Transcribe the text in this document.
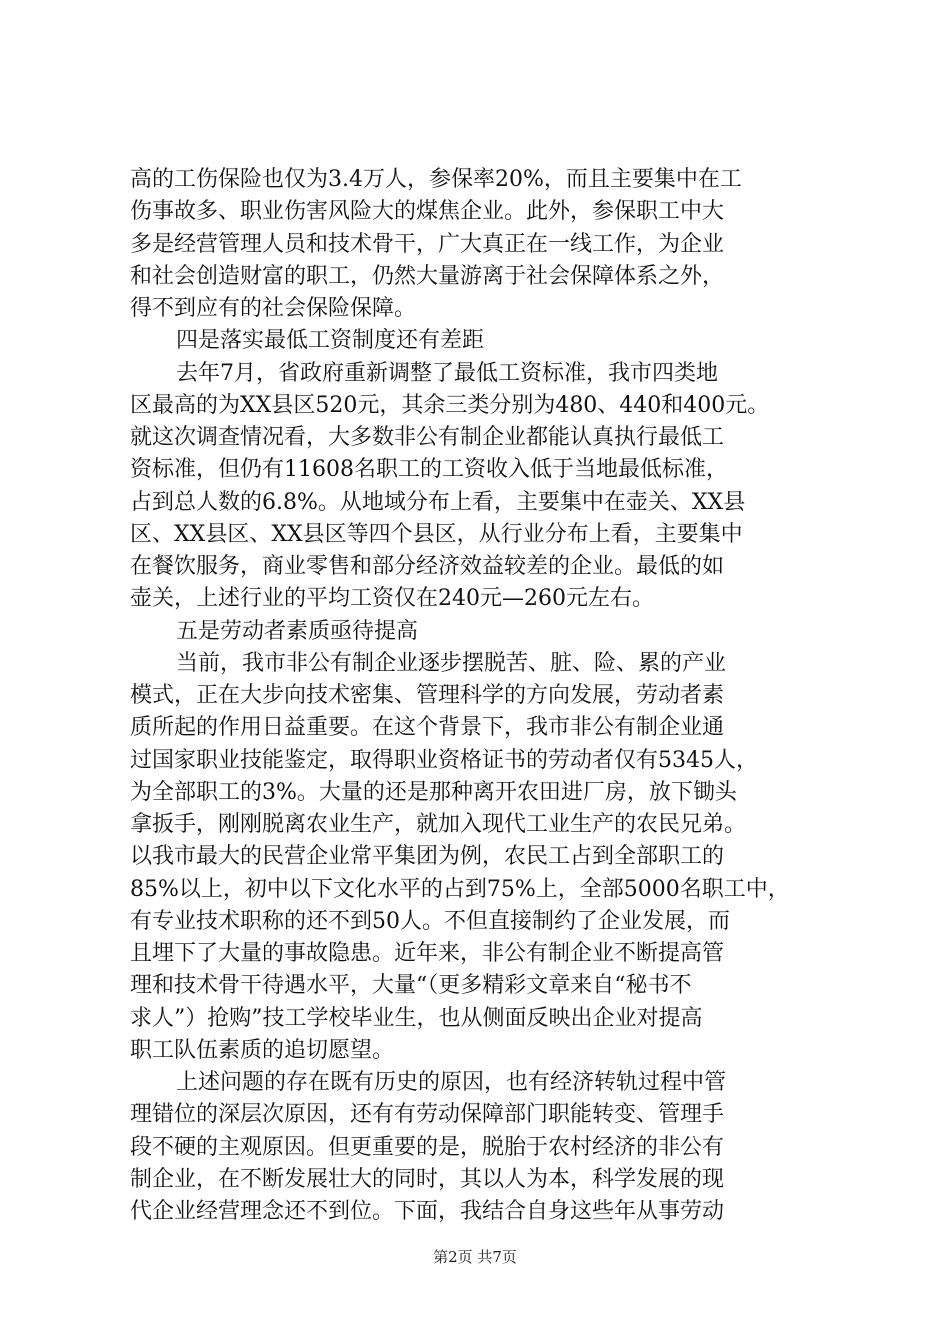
高的工伤保险也仅为3.4万人，参保率20%，而且主要集中在工
伤事故多、职业伤害风险大的煤焦企业。此外，参保职工中大
多是经营管理人员和技术骨干，广大真正在一线工作，为企业
和社会创造财富的职工，仍然大量游离于社会保障体系之外，
得不到应有的社会保险保障。
四是落实最低工资制度还有差距
去年7月，省政府重新调整了最低工资标准，我市四类地
区最高的为XX县区520元，其余三类分别为480、440和400元。
就这次调查情况看，大多数非公有制企业都能认真执行最低工
资标准，但仍有11608名职工的工资收入低于当地最低标准，
占到总人数的6.8%。从地域分布上看，主要集中在壶关、XX县
区、XX县区、XX县区等四个县区，从行业分布上看，主要集中
在餐饮服务，商业零售和部分经济效益较差的企业。最低的如
壶关，上述行业的平均工资仅在240元—260元左右。
五是劳动者素质亟待提高
当前，我市非公有制企业逐步摆脱苦、脏、险、累的产业
模式，正在大步向技术密集、管理科学的方向发展，劳动者素
质所起的作用日益重要。在这个背景下，我市非公有制企业通
过国家职业技能鉴定，取得职业资格证书的劳动者仅有5345人，
为全部职工的3%。大量的还是那种离开农田进厂房，放下锄头
拿扳手，刚刚脱离农业生产，就加入现代工业生产的农民兄弟。
以我市最大的民营企业常平集团为例，农民工占到全部职工的
85%以上，初中以下文化水平的占到75%上，全部5000名职工中，
有专业技术职称的还不到50人。不但直接制约了企业发展，而
且埋下了大量的事故隐患。近年来，非公有制企业不断提高管
理和技术骨干待遇水平，大量“（更多精彩文章来自“秘书不
求人”）抢购”技工学校毕业生，也从侧面反映出企业对提高
职工队伍素质的追切愿望。
上述问题的存在既有历史的原因，也有经济转轨过程中管
理错位的深层次原因，还有有劳动保障部门职能转变、管理手
段不硬的主观原因。但更重要的是，脱胎于农村经济的非公有
制企业，在不断发展壮大的同时，其以人为本，科学发展的现
代企业经营理念还不到位。下面，我结合自身这些年从事劳动
第2页 共7页
